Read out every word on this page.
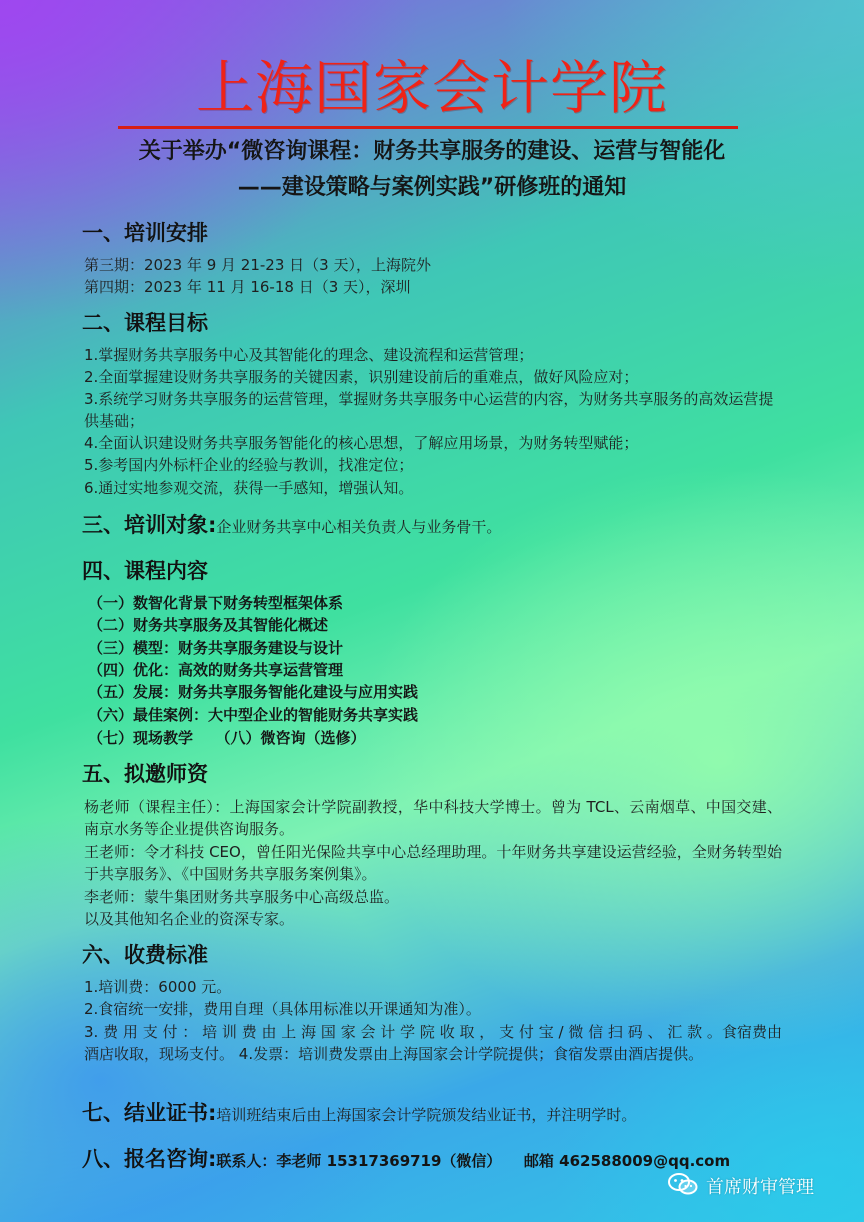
上海国家会计学院
关于举办“微咨询课程：财务共享服务的建设、运营与智能化
——建设策略与案例实践”研修班的通知
一、培训安排
第三期：2023 年 9 月 21-23 日（3 天），上海院外
第四期：2023 年 11 月 16-18 日（3 天），深圳
二、课程目标
1.掌握财务共享服务中心及其智能化的理念、建设流程和运营管理；
2.全面掌握建设财务共享服务的关键因素，识别建设前后的重难点，做好风险应对；
3.系统学习财务共享服务的运营管理，掌握财务共享服务中心运营的内容，为财务共享服务的高效运营提供基础；
4.全面认识建设财务共享服务智能化的核心思想，了解应用场景，为财务转型赋能；
5.参考国内外标杆企业的经验与教训，找准定位；
6.通过实地参观交流，获得一手感知，增强认知。
三、培训对象:企业财务共享中心相关负责人与业务骨干。
四、课程内容
（一）数智化背景下财务转型框架体系
（二）财务共享服务及其智能化概述
（三）模型：财务共享服务建设与设计
（四）优化：高效的财务共享运营管理
（五）发展：财务共享服务智能化建设与应用实践
（六）最佳案例：大中型企业的智能财务共享实践
（七）现场教学　　（八）微咨询（选修）
五、拟邀师资
杨老师（课程主任）：上海国家会计学院副教授，华中科技大学博士。曾为 TCL、云南烟草、中国交建、南京水务等企业提供咨询服务。
王老师：令才科技 CEO，曾任阳光保险共享中心总经理助理。十年财务共享建设运营经验，全财务转型始于共享服务》、《中国财务共享服务案例集》。
李老师：蒙牛集团财务共享服务中心高级总监。
以及其他知名企业的资深专家。
六、收费标准
1.培训费：6000 元。
2.食宿统一安排，费用自理（具体用标准以开课通知为准）。
3. 费 用 支 付 ： 培 训 费 由 上 海 国 家 会 计 学 院 收 取 ， 支 付 宝 / 微 信 扫 码 、 汇 款 。食宿费由酒店收取，现场支付。 4.发票：培训费发票由上海国家会计学院提供；食宿发票由酒店提供。
七、结业证书:培训班结束后由上海国家会计学院颁发结业证书，并注明学时。
八、报名咨询:联系人：李老师 15317369719（微信）　　邮箱 462588009@qq.com
首席财审管理
